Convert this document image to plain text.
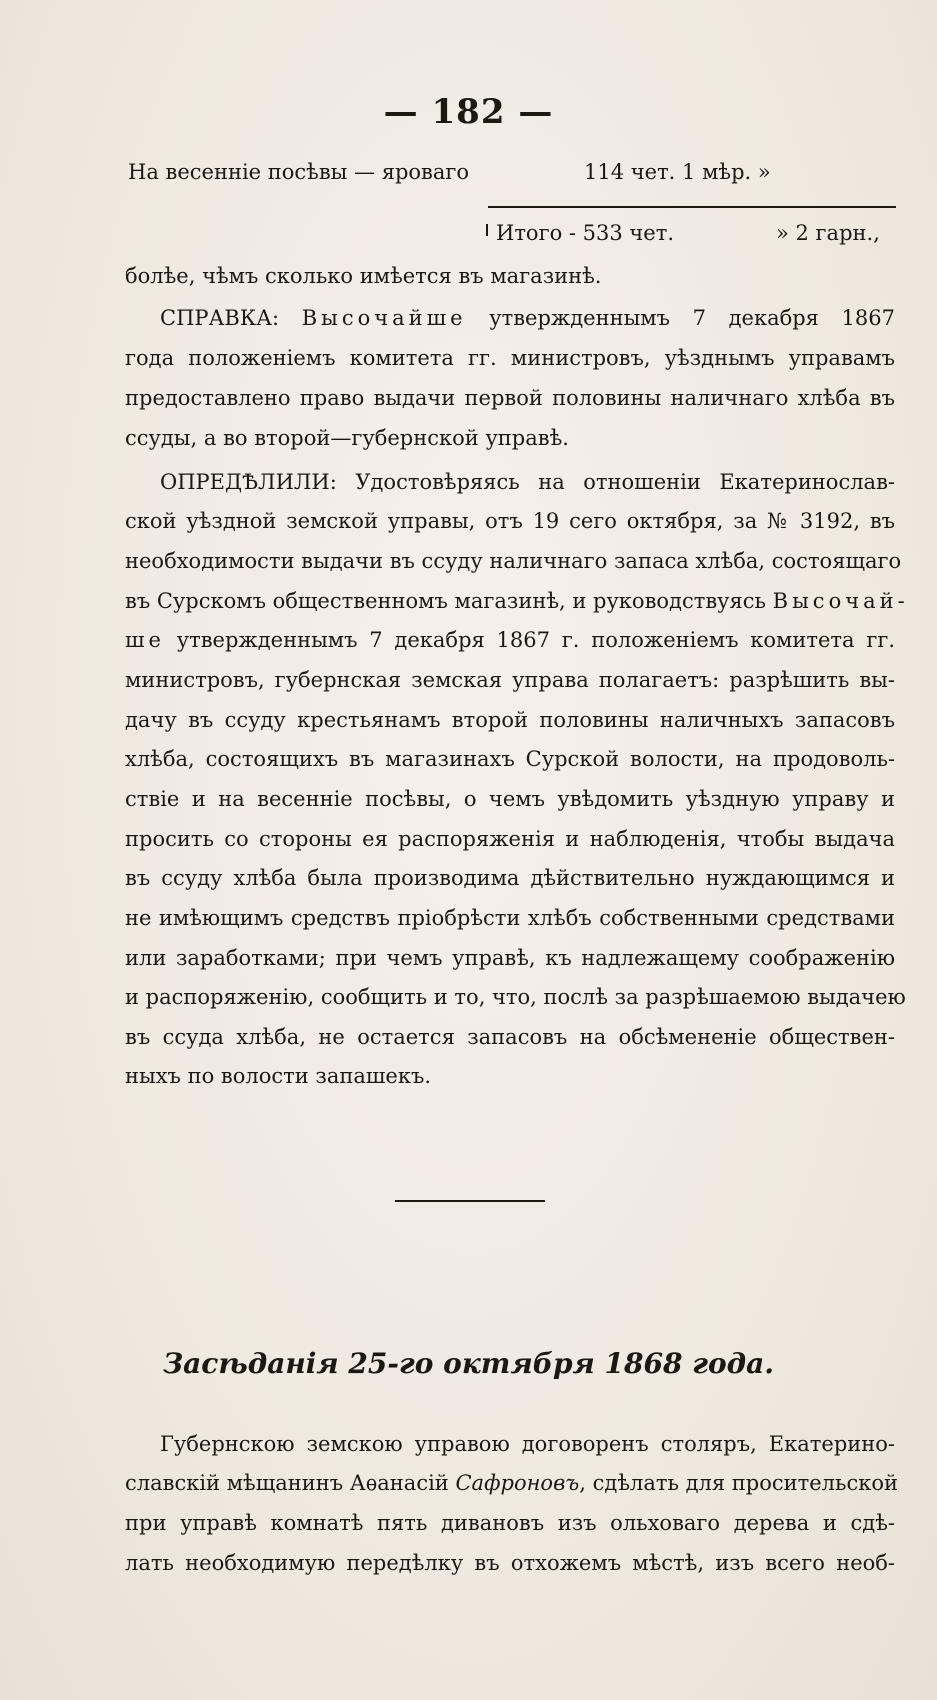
— 182 —
На весенніе посѣвы — яроваго	114 чет. 1 мѣр. »
Итого - 533 чет.	» 2 гарн.,
болѣе, чѣмъ сколько имѣется въ магазинѣ.
СПРАВКА: Высочайше утвержденнымъ 7 декабря 1867
года положеніемъ комитета гг. министровъ, уѣзднымъ управамъ
предоставлено право выдачи первой половины наличнаго хлѣба въ
ссуды, а во второй—губернской управѣ.
ОПРЕДѢЛИЛИ: Удостовѣряясь на отношеніи Екатеринослав-
ской уѣздной земской управы, отъ 19 сего октября, за № 3192, въ
необходимости выдачи въ ссуду наличнаго запаса хлѣба, состоящаго
въ Сурскомъ общественномъ магазинѣ, и руководствуясь Высочай-
ше утвержденнымъ 7 декабря 1867 г. положеніемъ комитета гг.
министровъ, губернская земская управа полагаетъ: разрѣшить вы-
дачу въ ссуду крестьянамъ второй половины наличныхъ запасовъ
хлѣба, состоящихъ въ магазинахъ Сурской волости, на продоволь-
ствіе и на весенніе посѣвы, о чемъ увѣдомить уѣздную управу и
просить со стороны ея распоряженія и наблюденія, чтобы выдача
въ ссуду хлѣба была производима дѣйствительно нуждающимся и
не имѣющимъ средствъ пріобрѣсти хлѣбъ собственными средствами
или заработками; при чемъ управѣ, къ надлежащему соображенію
и распоряженію, сообщить и то, что, послѣ за разрѣшаемою выдачею
въ ссуда хлѣба, не остается запасовъ на обсѣмененіе обществен-
ныхъ по волости запашекъ.
Засѣданія 25-го октября 1868 года.
Губернскою земскою управою договоренъ столяръ, Екатерино-
славскій мѣщанинъ Аѳанасій Сафроновъ, сдѣлать для просительской
при управѣ комнатѣ пять дивановъ изъ ольховаго дерева и сдѣ-
лать необходимую передѣлку въ отхожемъ мѣстѣ, изъ всего необ-
